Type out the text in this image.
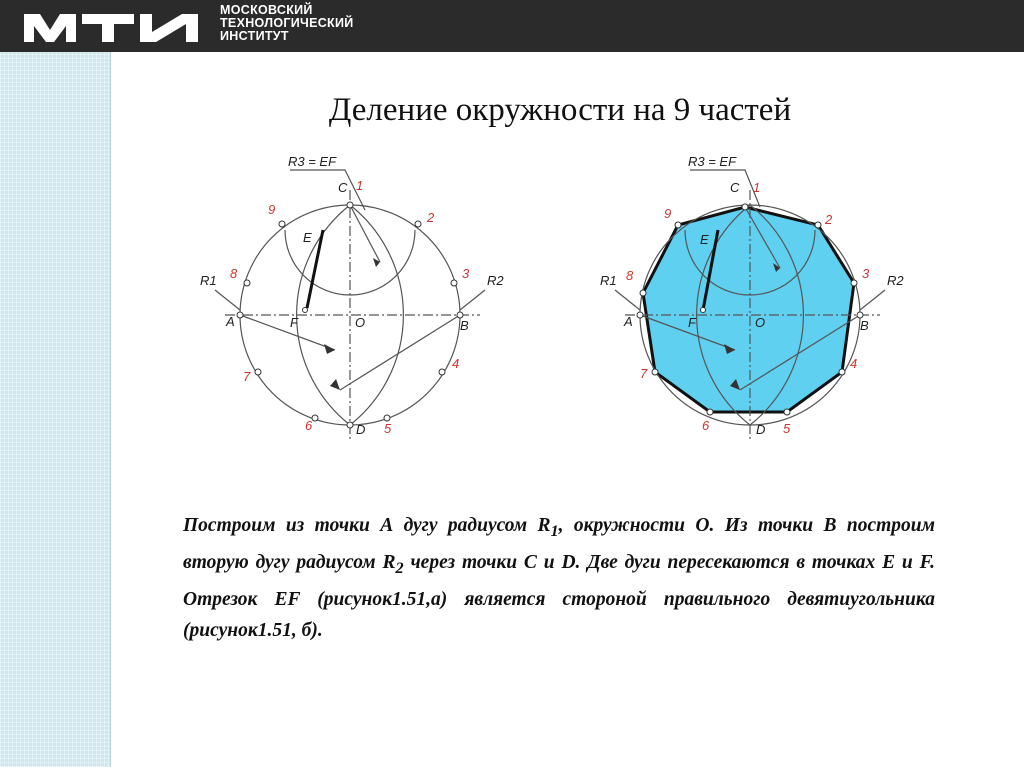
МОСКОВСКИЙ
ТЕХНОЛОГИЧЕСКИЙ
ИНСТИТУТ
Деление окружности на 9 частей
R3 = EF
C
E
A	F	O	B
D
R1	R2
1
2
3
4
5
6
7
8
9
R3 = EF
C
E
A	F	O	B
D
R1	R2
1
2
3
4
5
6
7
8
9
Построим из точки А дугу радиусом $R_1$, окружности О. Из точки В построим вторую дугу радиусом $R_2$ через точки С и D. Две дуги пересекаются в точках Е и F. Отрезок EF (рисунок1.51,а) является стороной правильного девятиугольника (рисунок1.51, б).
